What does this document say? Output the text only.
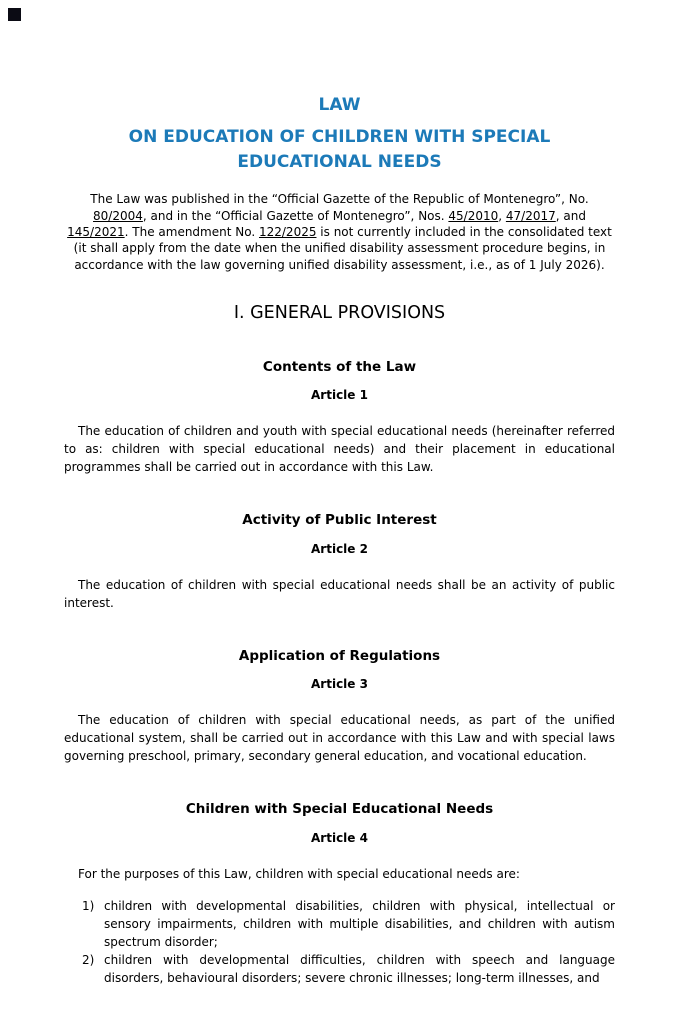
LAW
ON EDUCATION OF CHILDREN WITH SPECIAL EDUCATIONAL NEEDS

The Law was published in the “Official Gazette of the Republic of Montenegro”, No. 80/2004, and in the “Official Gazette of Montenegro”, Nos. 45/2010, 47/2017, and 145/2021. The amendment No. 122/2025 is not currently included in the consolidated text (it shall apply from the date when the unified disability assessment procedure begins, in accordance with the law governing unified disability assessment, i.e., as of 1 July 2026).

I. GENERAL PROVISIONS
Contents of the Law
Article 1

The education of children and youth with special educational needs (hereinafter referred to as: children with special educational needs) and their placement in educational programmes shall be carried out in accordance with this Law.

Activity of Public Interest
Article 2

The education of children with special educational needs shall be an activity of public interest.

Application of Regulations
Article 3

The education of children with special educational needs, as part of the unified educational system, shall be carried out in accordance with this Law and with special laws governing preschool, primary, secondary general education, and vocational education.

Children with Special Educational Needs
Article 4

For the purposes of this Law, children with special educational needs are:

1) children with developmental disabilities, children with physical, intellectual or sensory impairments, children with multiple disabilities, and children with autism spectrum disorder;
2) children with developmental difficulties, children with speech and language disorders, behavioural disorders; severe chronic illnesses; long-term illnesses, and
